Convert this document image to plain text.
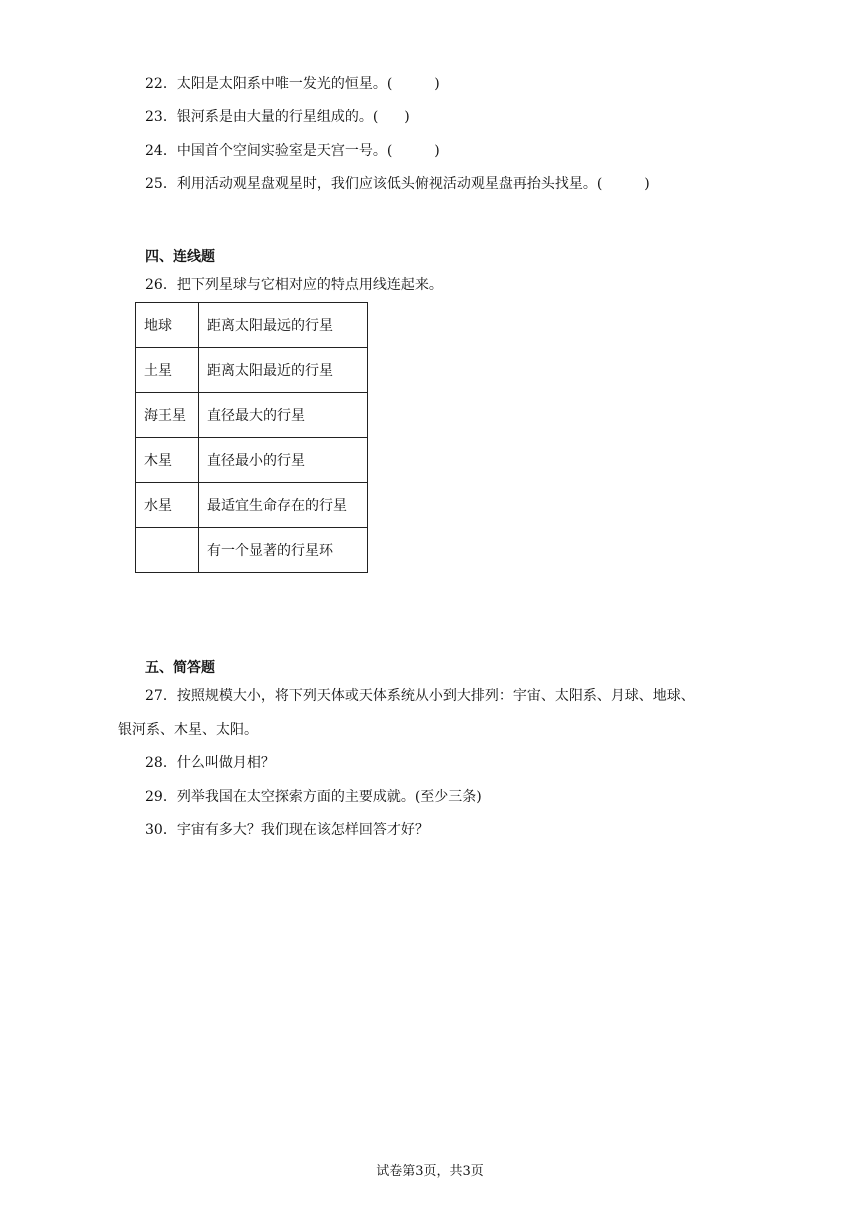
22．太阳是太阳系中唯一发光的恒星。(	)
23．银河系是由大量的行星组成的。( )
24．中国首个空间实验室是天宫一号。(	)
25．利用活动观星盘观星时，我们应该低头俯视活动观星盘再抬头找星。(	)
四、连线题
26．把下列星球与它相对应的特点用线连起来。
地球	距离太阳最远的行星
土星	距离太阳最近的行星
海王星	直径最大的行星
木星	直径最小的行星
水星	最适宜生命存在的行星
	有一个显著的行星环
五、简答题
27．按照规模大小，将下列天体或天体系统从小到大排列：宇宙、太阳系、月球、地球、
银河系、木星、太阳。
28．什么叫做月相？
29．列举我国在太空探索方面的主要成就。(至少三条)
30．宇宙有多大？我们现在该怎样回答才好？
试卷第3页，共3页
